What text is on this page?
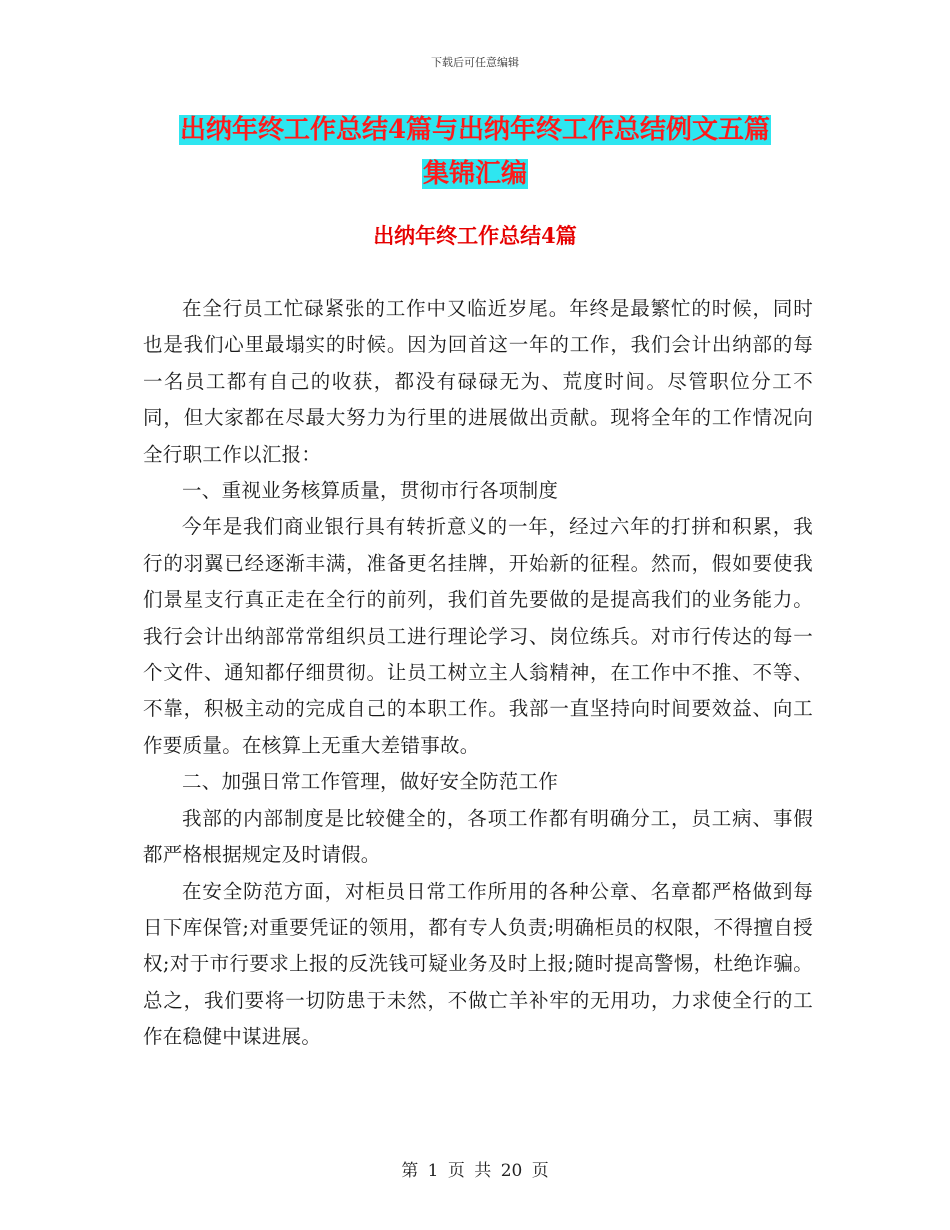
下载后可任意编辑
出纳年终工作总结4篇与出纳年终工作总结例文五篇
集锦汇编
出纳年终工作总结4篇

在全行员工忙碌紧张的工作中又临近岁尾。年终是最繁忙的时候，同时也是我们心里最塌实的时候。因为回首这一年的工作，我们会计出纳部的每一名员工都有自己的收获，都没有碌碌无为、荒度时间。尽管职位分工不同，但大家都在尽最大努力为行里的进展做出贡献。现将全年的工作情况向全行职工作以汇报：

一、重视业务核算质量，贯彻市行各项制度

今年是我们商业银行具有转折意义的一年，经过六年的打拼和积累，我行的羽翼已经逐渐丰满，准备更名挂牌，开始新的征程。然而，假如要使我们景星支行真正走在全行的前列，我们首先要做的是提高我们的业务能力。我行会计出纳部常常组织员工进行理论学习、岗位练兵。对市行传达的每一个文件、通知都仔细贯彻。让员工树立主人翁精神，在工作中不推、不等、不靠，积极主动的完成自己的本职工作。我部一直坚持向时间要效益、向工作要质量。在核算上无重大差错事故。

二、加强日常工作管理，做好安全防范工作

我部的内部制度是比较健全的，各项工作都有明确分工，员工病、事假都严格根据规定及时请假。

在安全防范方面，对柜员日常工作所用的各种公章、名章都严格做到每日下库保管;对重要凭证的领用，都有专人负责;明确柜员的权限，不得擅自授权;对于市行要求上报的反洗钱可疑业务及时上报;随时提高警惕，杜绝诈骗。总之，我们要将一切防患于未然，不做亡羊补牢的无用功，力求使全行的工作在稳健中谋进展。

第 1 页 共 20 页
